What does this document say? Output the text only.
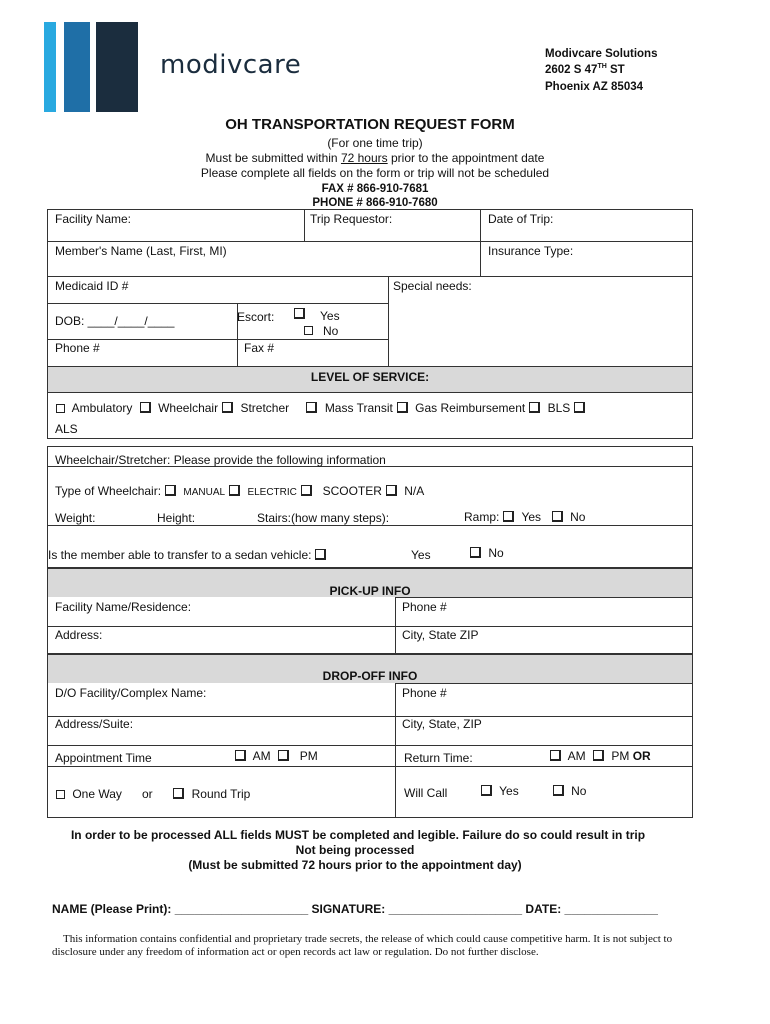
modivcare	Modivcare Solutions
2602 S 47TH ST
Phoenix AZ 85034
OH TRANSPORTATION REQUEST FORM
(For one time trip)
Must be submitted within 72 hours prior to the appointment date
Please complete all fields on the form or trip will not be scheduled
FAX # 866-910-7681
PHONE # 866-910-7680
Facility Name:	Trip Requestor:	Date of Trip:
Member's Name (Last, First, MI)	Insurance Type:
Medicaid ID #	Special needs:
DOB: ____/____/____	Escort:	Yes
No
Phone #	Fax #
LEVEL OF SERVICE:
Ambulatory Wheelchair Stretcher	Mass Transit Gas Reimbursement BLS
ALS
Wheelchair/Stretcher: Please provide the following information
Type of Wheelchair: MANUAL ELECTRIC SCOOTER N/A
Weight:	Height:	Stairs:(how many steps):	Ramp: Yes No
Is the member able to transfer to a sedan vehicle:	Yes	No
PICK-UP INFO
Facility Name/Residence:	Phone #
Address:	City, State ZIP
DROP-OFF INFO
D/O Facility/Complex Name:	Phone #
Address/Suite:	City, State, ZIP
Appointment Time	AM PM	Return Time:	AM PM OR
One Way or	Round Trip	Will Call	Yes	No
In order to be processed ALL fields MUST be completed and legible. Failure do so could result in trip
Not being processed
(Must be submitted 72 hours prior to the appointment day)
NAME (Please Print): ____________________ SIGNATURE: ____________________ DATE: ______________
This information contains confidential and proprietary trade secrets, the release of which could cause competitive harm. It is not subject to disclosure under any freedom of information act or open records act law or regulation. Do not further disclose.
